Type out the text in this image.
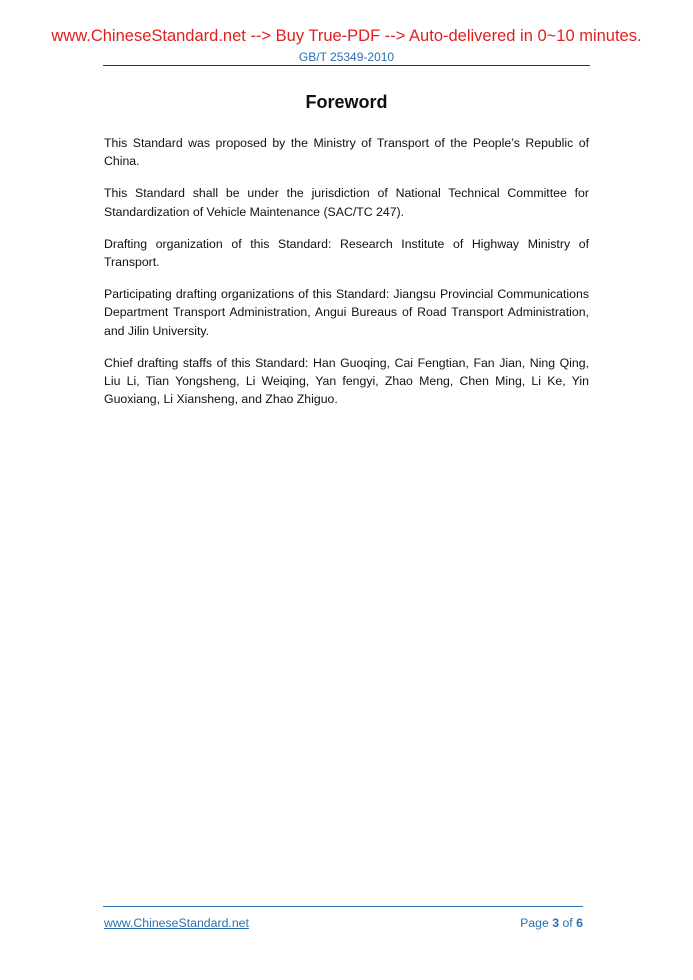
www.ChineseStandard.net --> Buy True-PDF --> Auto-delivered in 0~10 minutes.
GB/T 25349-2010
Foreword

This Standard was proposed by the Ministry of Transport of the People’s Republic of China.

This Standard shall be under the jurisdiction of National Technical Committee for Standardization of Vehicle Maintenance (SAC/TC 247).

Drafting organization of this Standard: Research Institute of Highway Ministry of Transport.

Participating drafting organizations of this Standard: Jiangsu Provincial Communications Department Transport Administration, Angui Bureaus of Road Transport Administration, and Jilin University.

Chief drafting staffs of this Standard: Han Guoqing, Cai Fengtian, Fan Jian, Ning Qing, Liu Li, Tian Yongsheng, Li Weiqing, Yan fengyi, Zhao Meng, Chen Ming, Li Ke, Yin Guoxiang, Li Xiansheng, and Zhao Zhiguo.

www.ChineseStandard.net	Page 3 of 6
